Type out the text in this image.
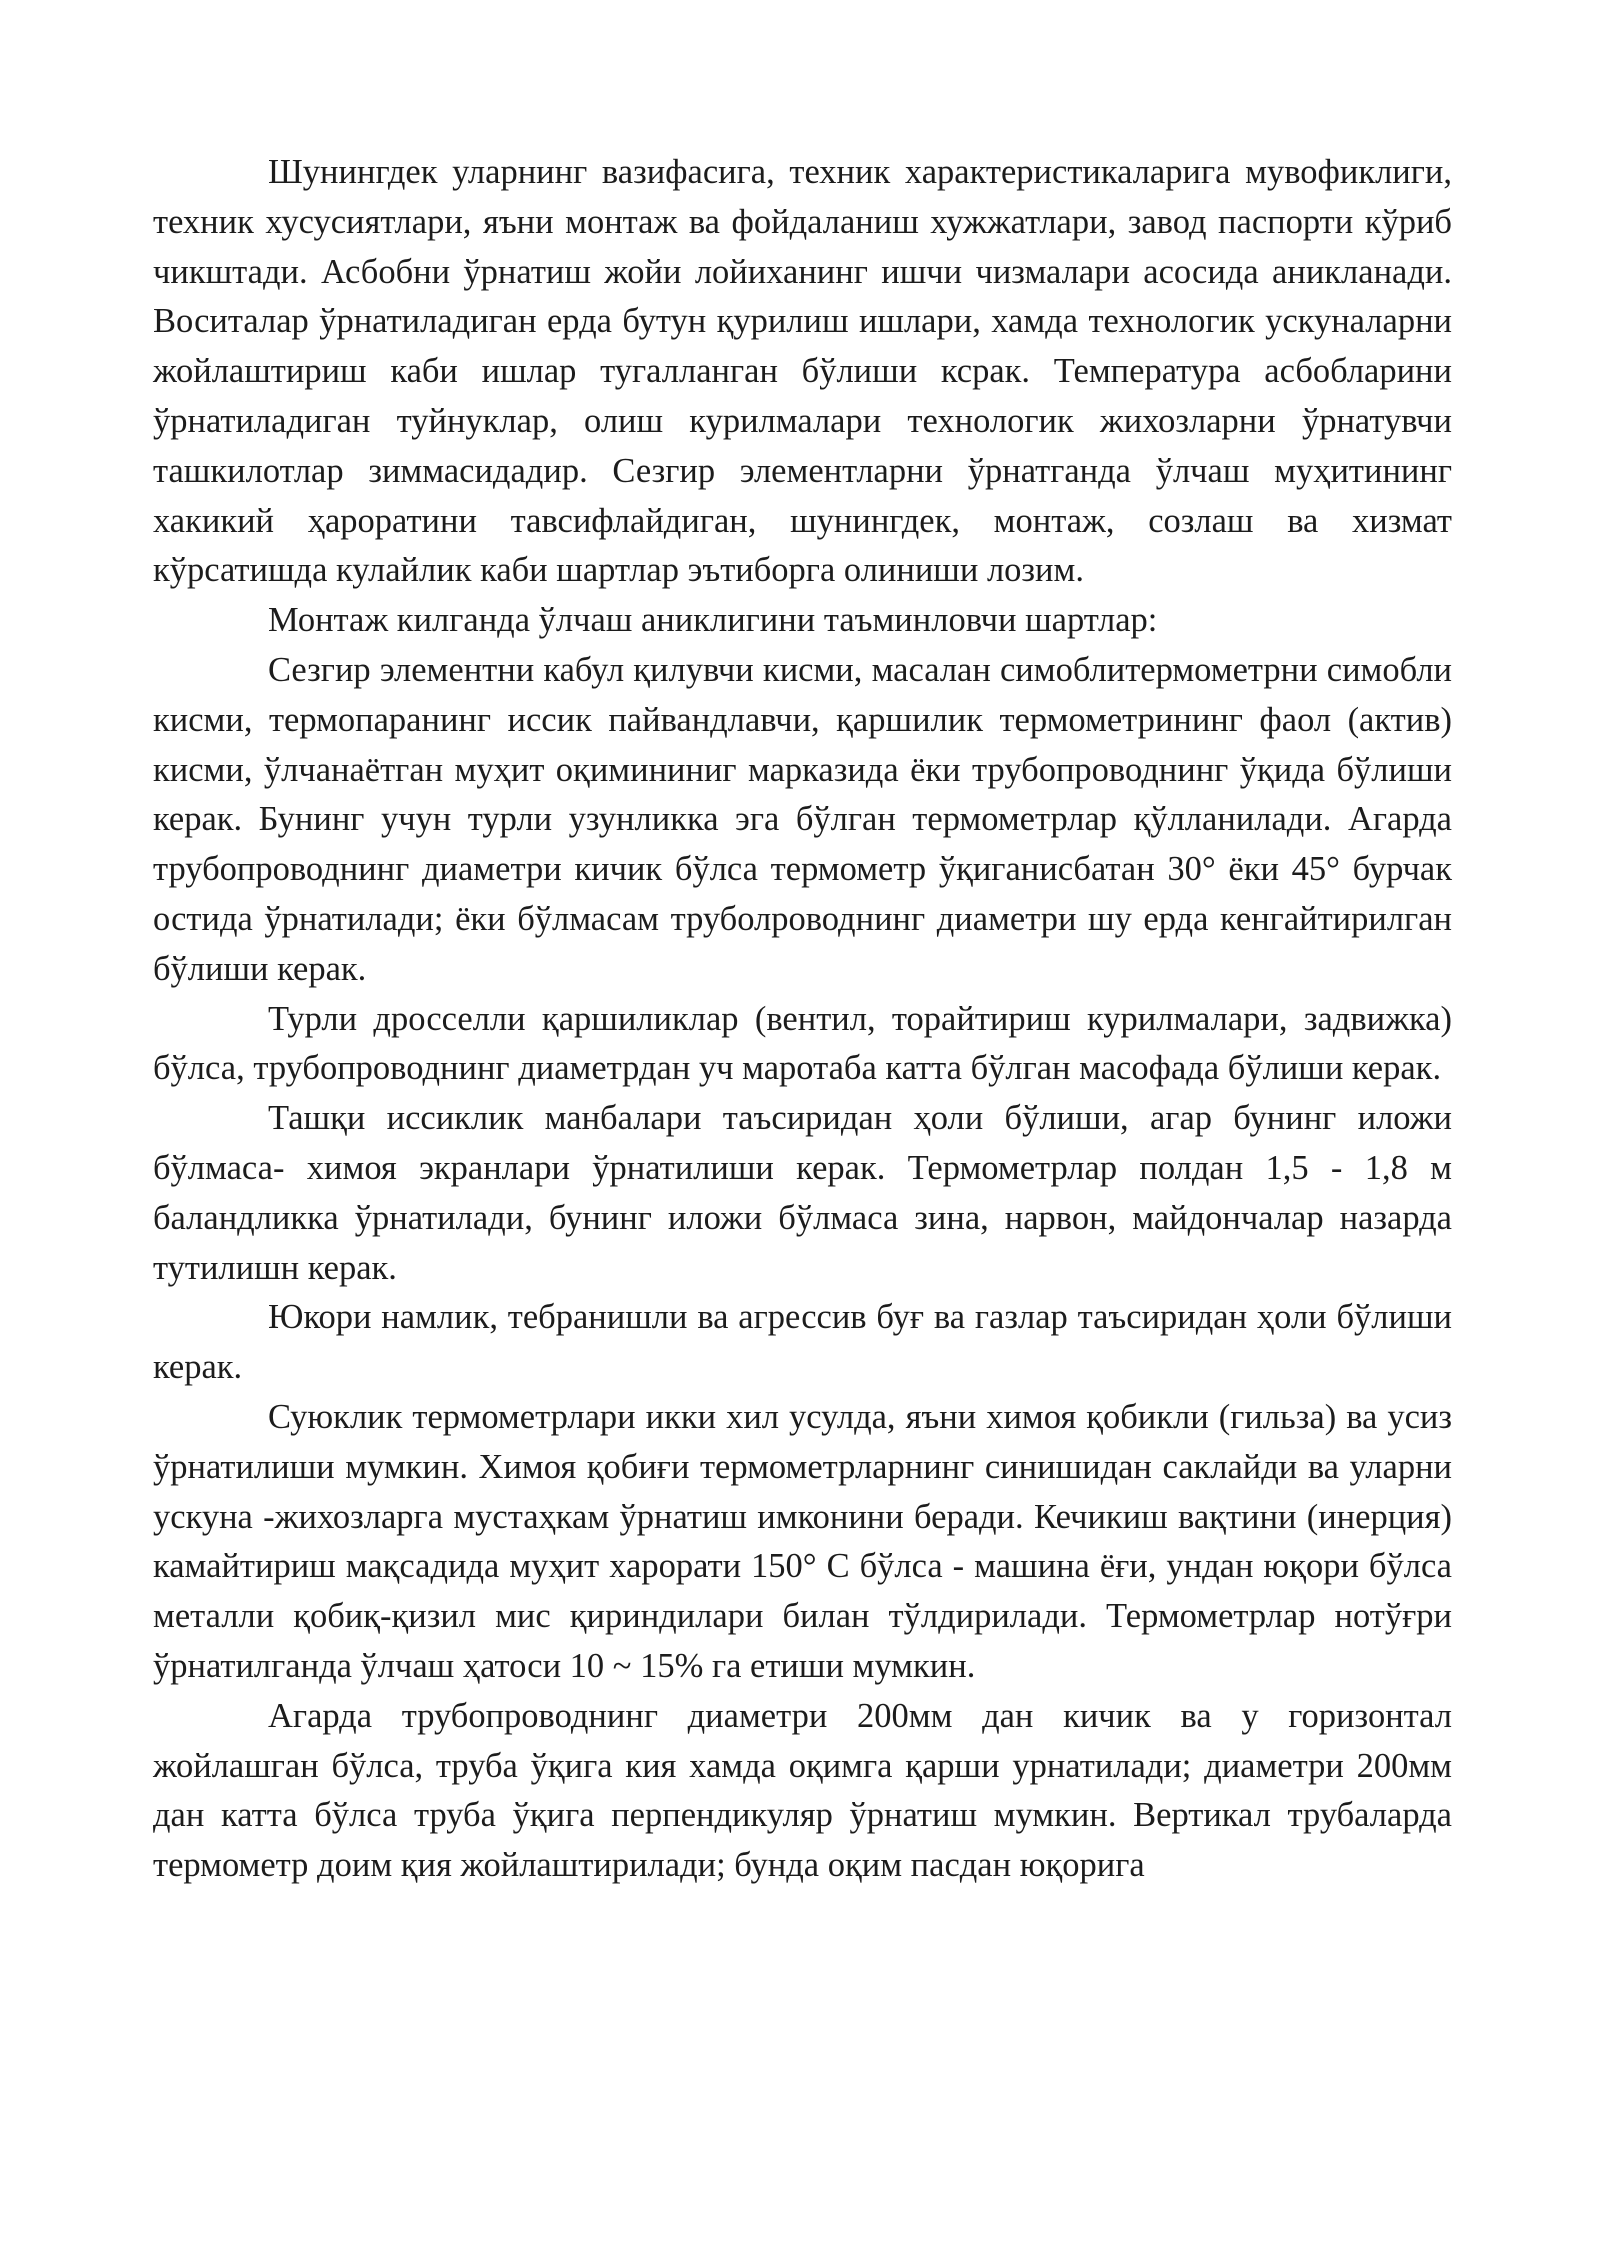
Шунингдек уларнинг вазифасига, техник характеристикаларига мувофиклиги, техник хусусиятлари, яъни монтаж ва фойдаланиш хужжатлари, завод паспорти кўриб чикштади. Асбобни ўрнатиш жойи лойиханинг ишчи чизмалари асосида аникланади. Воситалар ўрнатиладиган ерда бутун қурилиш ишлари, хамда технологик ускуналарни жойлаштириш каби ишлар тугалланган бўлиши ксрак. Температура асбобларини ўрнатиладиган туйнуклар, олиш курилмалари технологик жихозларни ўрнатувчи ташкилотлар зиммасидадир. Сезгир элементларни ўрнатганда ўлчаш муҳитининг хакикий ҳароратини тавсифлайдиган, шунингдек, монтаж, созлаш ва хизмат кўрсатишда кулайлик каби шартлар эътиборга олиниши лозим.

Монтаж килганда ўлчаш аниклигини таъминловчи шартлар:

Сезгир элементни кабул қилувчи кисми, масалан симоблитермометрни симобли кисми, термопаранинг иссик пайвандлавчи, қаршилик термометрининг фаол (актив) кисми, ўлчанаётган муҳит оқимининиг марказида ёки трубопроводнинг ўқида бўлиши керак. Бунинг учун турли узунликка эга бўлган термометрлар қўлланилади. Агарда трубопроводнинг диаметри кичик бўлса термометр ўқиганисбатан 30° ёки 45° бурчак остида ўрнатилади; ёки бўлмасам труболроводнинг диаметри шу ерда кенгайтирилган бўлиши керак.

Турли дросселли қаршиликлар (вентил, торайтириш курилмалари, задвижка) бўлса, трубопроводнинг диаметрдан уч маротаба катта бўлган масофада бўлиши керак.

Ташқи иссиклик манбалари таъсиридан ҳоли бўлиши, агар бунинг иложи бўлмаса- химоя экранлари ўрнатилиши керак. Термометрлар полдан 1,5 - 1,8 м баландликка ўрнатилади, бунинг иложи бўлмаса зина, нарвон, майдончалар назарда тутилишн керак.

Юкори намлик, тебранишли ва агрессив буғ ва газлар таъсиридан ҳоли бўлиши керак.

Суюклик термометрлари икки хил усулда, яъни химоя қобикли (гильза) ва усиз ўрнатилиши мумкин. Химоя қобиғи термометрларнинг синишидан саклайди ва уларни ускуна -жихозларга мустаҳкам ўрнатиш имконини беради. Кечикиш вақтини (инерция) камайтириш мақсадида муҳит харорати 150° С бўлса - машина ёғи, ундан юқори бўлса металли қобиқ-қизил мис қириндилари билан тўлдирилади. Термометрлар нотўғри ўрнатилганда ўлчаш ҳатоси 10 ~ 15% га етиши мумкин.

Агарда трубопроводнинг диаметри 200мм дан кичик ва у горизонтал жойлашган бўлса, труба ўқига кия хамда оқимга қарши урнатилади; диаметри 200мм дан катта бўлса труба ўқига перпендикуляр ўрнатиш мумкин. Вертикал трубаларда термометр доим қия жойлаштирилади; бунда оқим пасдан юқорига
